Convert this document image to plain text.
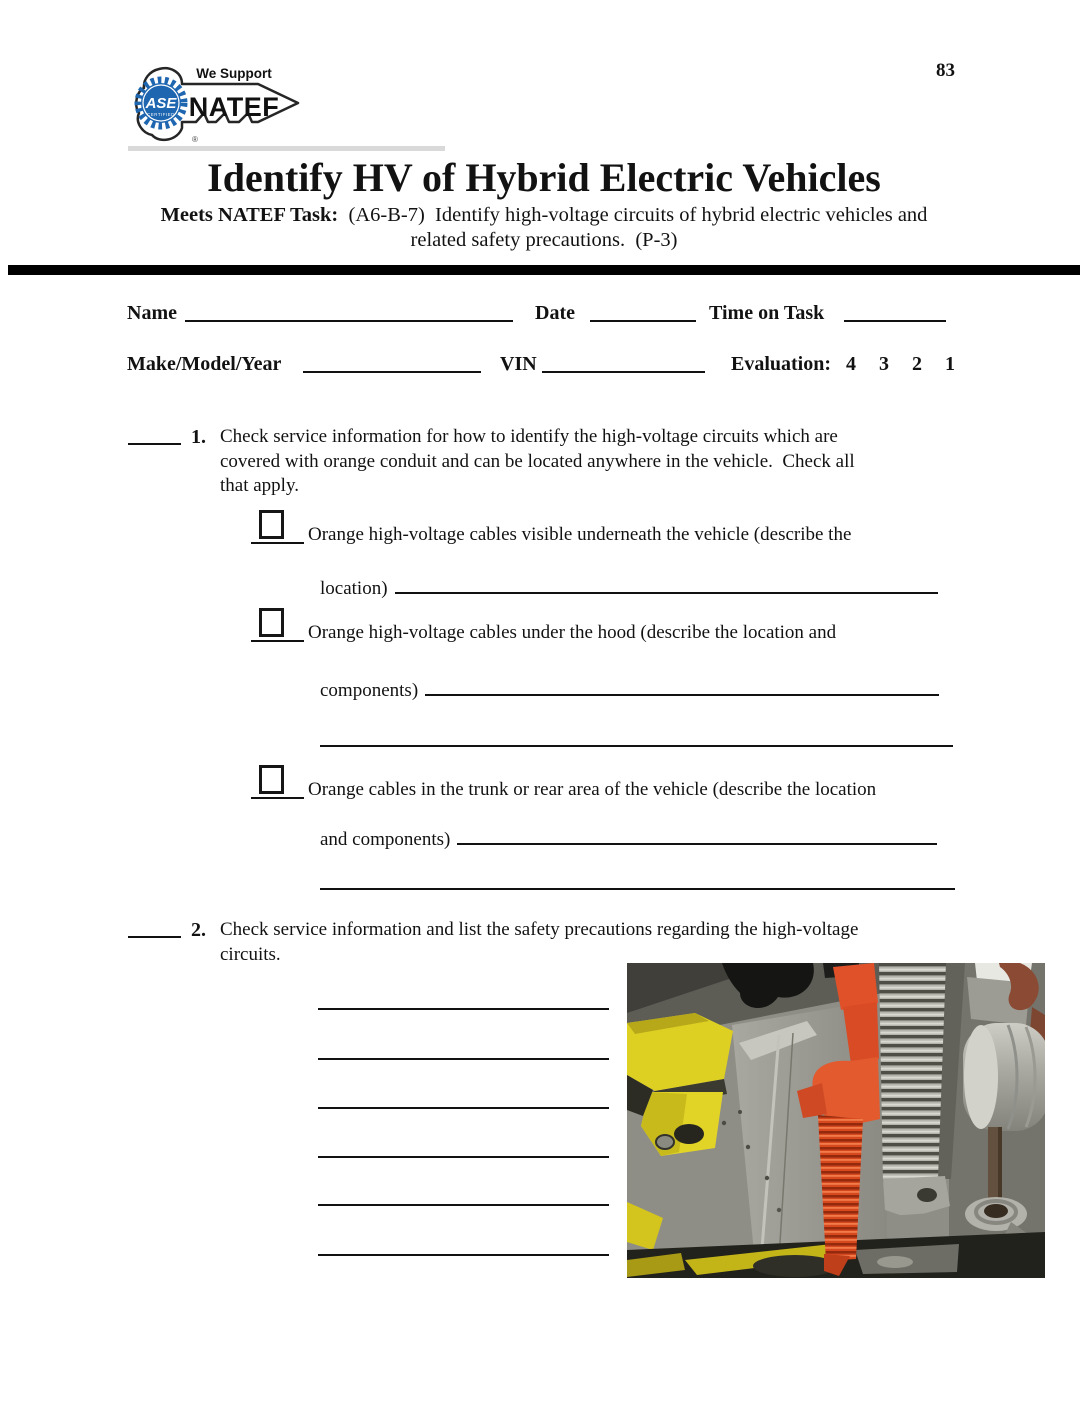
ASE
CERTIFIED
We Support
NATEF
®
83
Identify HV of Hybrid Electric Vehicles
Meets NATEF Task:  (A6-B-7)  Identify high-voltage circuits of hybrid electric vehicles and
related safety precautions.  (P-3)
Name	Date	Time on Task
Make/Model/Year	VIN	Evaluation: 4 3 2 1
1. Check service information for how to identify the high-voltage circuits which are
covered with orange conduit and can be located anywhere in the vehicle.  Check all
that apply.
Orange high-voltage cables visible underneath the vehicle (describe the
location)
Orange high-voltage cables under the hood (describe the location and
components)
Orange cables in the trunk or rear area of the vehicle (describe the location
and components)
2. Check service information and list the safety precautions regarding the high-voltage
circuits.
